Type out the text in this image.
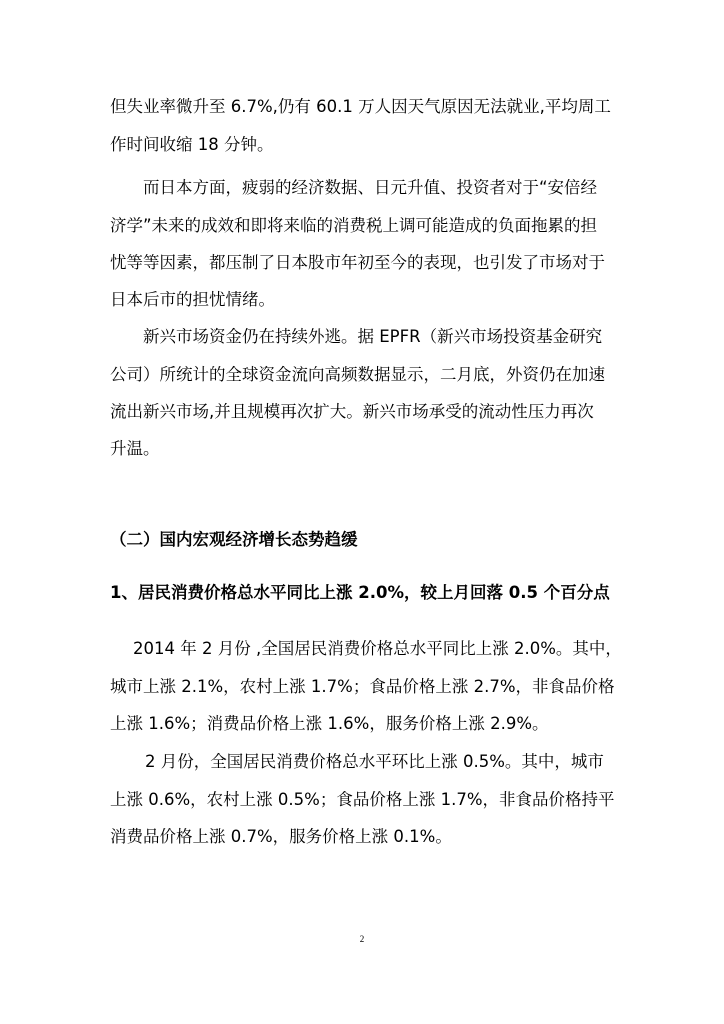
但失业率微升至 6.7%,仍有 60.1 万人因天气原因无法就业,平均周工
作时间收缩 18 分钟。
而日本方面，疲弱的经济数据、日元升值、投资者对于“安倍经
济学”未来的成效和即将来临的消费税上调可能造成的负面拖累的担
忧等等因素，都压制了日本股市年初至今的表现，也引发了市场对于
日本后市的担忧情绪。
新兴市场资金仍在持续外逃。据 EPFR（新兴市场投资基金研究
公司）所统计的全球资金流向高频数据显示，二月底，外资仍在加速
流出新兴市场,并且规模再次扩大。新兴市场承受的流动性压力再次
升温。
（二）国内宏观经济增长态势趋缓
1、居民消费价格总水平同比上涨 2.0%，较上月回落 0.5 个百分点
2014 年 2 月份 ,全国居民消费价格总水平同比上涨 2.0%。其中，
城市上涨 2.1%，农村上涨 1.7%；食品价格上涨 2.7%，非食品价格
上涨 1.6%；消费品价格上涨 1.6%，服务价格上涨 2.9%。
2 月份，全国居民消费价格总水平环比上涨 0.5%。其中，城市
上涨 0.6%，农村上涨 0.5%；食品价格上涨 1.7%，非食品价格持平
消费品价格上涨 0.7%，服务价格上涨 0.1%。
2
